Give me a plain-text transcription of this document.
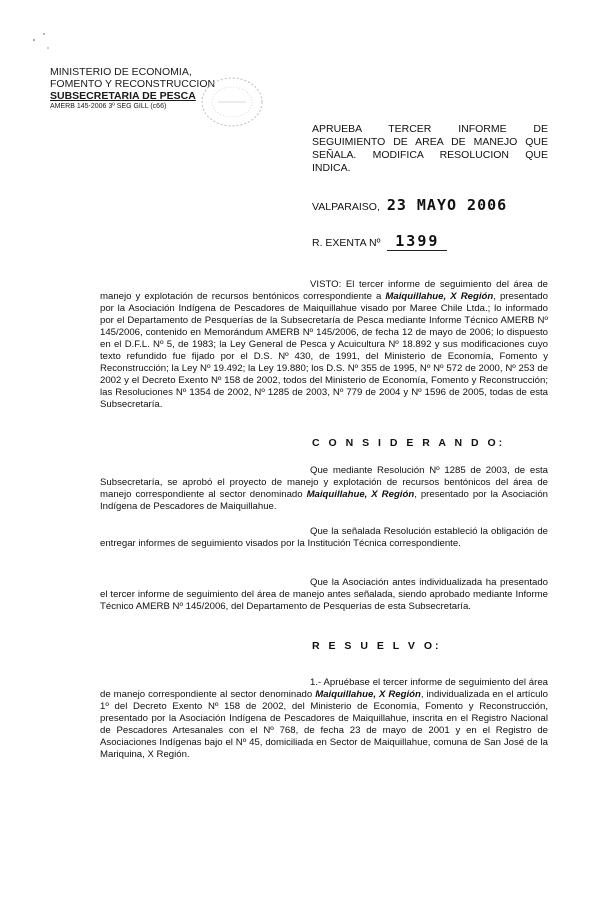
MINISTERIO DE ECONOMIA,
FOMENTO Y RECONSTRUCCION
SUBSECRETARIA DE PESCA
AMERB 145-2006 3º SEG GILL (c66)
APRUEBA TERCER INFORME DE SEGUIMIENTO DE AREA DE MANEJO QUE SEÑALA. MODIFICA RESOLUCION QUE INDICA.
VALPARAISO, 23 MAYO 2006
R. EXENTA Nº 1399
VISTO: El tercer informe de seguimiento del área de manejo y explotación de recursos bentónicos correspondiente a Maiquillahue, X Región, presentado por la Asociación Indígena de Pescadores de Maiquillahue visado por Maree Chile Ltda.; lo informado por el Departamento de Pesquerías de la Subsecretaría de Pesca mediante Informe Técnico AMERB Nº 145/2006, contenido en Memorándum AMERB Nº 145/2006, de fecha 12 de mayo de 2006; lo dispuesto en el D.F.L. Nº 5, de 1983; la Ley General de Pesca y Acuicultura Nº 18.892 y sus modificaciones cuyo texto refundido fue fijado por el D.S. Nº 430, de 1991, del Ministerio de Economía, Fomento y Reconstrucción; la Ley Nº 19.492; la Ley 19.880; los D.S. Nº 355 de 1995, Nº Nº 572 de 2000, Nº 253 de 2002 y el Decreto Exento Nº 158 de 2002, todos del Ministerio de Economía, Fomento y Reconstrucción; las Resoluciones Nº 1354 de 2002, Nº 1285 de 2003, Nº 779 de 2004 y Nº 1596 de 2005, todas de esta Subsecretaría.
C O N S I D E R A N D O:
Que mediante Resolución Nº 1285 de 2003, de esta Subsecretaría, se aprobó el proyecto de manejo y explotación de recursos bentónicos del área de manejo correspondiente al sector denominado Maiquillahue, X Región, presentado por la Asociación Indígena de Pescadores de Maiquillahue.
Que la señalada Resolución estableció la obligación de entregar informes de seguimiento visados por la Institución Técnica correspondiente.
Que la Asociación antes individualizada ha presentado el tercer informe de seguimiento del área de manejo antes señalada, siendo aprobado mediante Informe Técnico AMERB Nº 145/2006, del Departamento de Pesquerías de esta Subsecretaría.
R E S U E L V O:
1.- Apruébase el tercer informe de seguimiento del área de manejo correspondiente al sector denominado Maiquillahue, X Región, individualizada en el artículo 1º del Decreto Exento Nº 158 de 2002, del Ministerio de Economía, Fomento y Reconstrucción, presentado por la Asociación Indígena de Pescadores de Maiquillahue, inscrita en el Registro Nacional de Pescadores Artesanales con el Nº 768, de fecha 23 de mayo de 2001 y en el Registro de Asociaciones Indígenas bajo el Nº 45, domiciliada en Sector de Maiquillahue, comuna de San José de la Mariquina, X Región.
